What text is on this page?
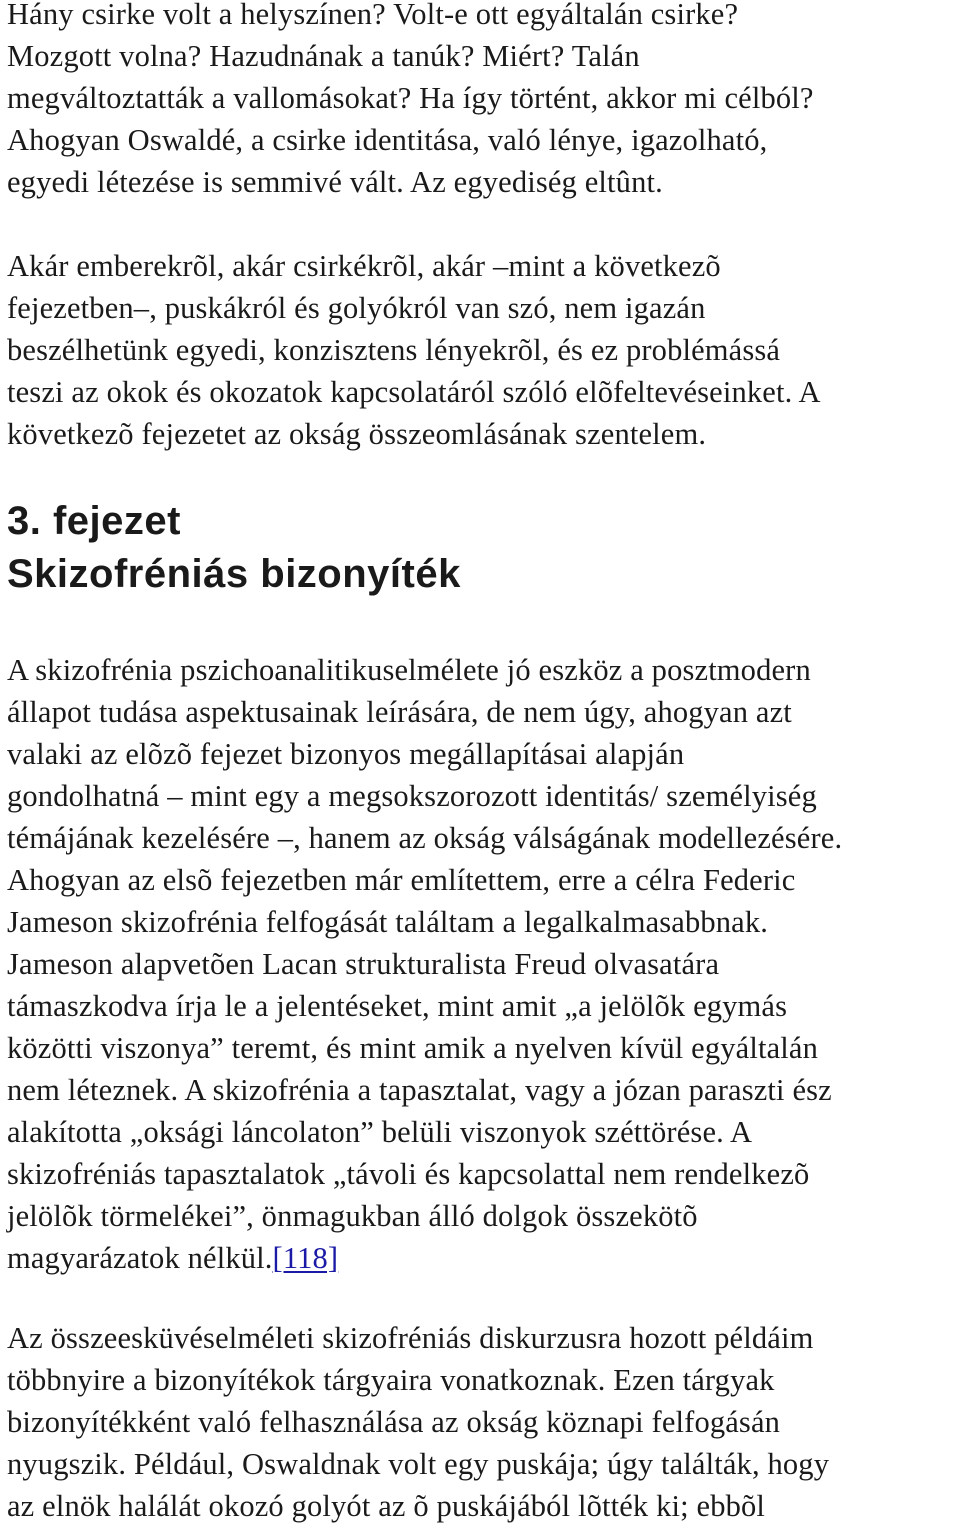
Hány csirke volt a helyszínen? Volt-e ott egyáltalán csirke?
Mozgott volna? Hazudnának a tanúk? Miért? Talán
megváltoztatták a vallomásokat? Ha így történt, akkor mi célból?
Ahogyan Oswaldé, a csirke identitása, való lénye, igazolható,
egyedi létezése is semmivé vált. Az egyediség eltûnt.

Akár emberekrõl, akár csirkékrõl, akár –mint a következõ
fejezetben–, puskákról és golyókról van szó, nem igazán
beszélhetünk egyedi, konzisztens lényekrõl, és ez problémássá
teszi az okok és okozatok kapcsolatáról szóló elõfeltevéseinket. A
következõ fejezetet az okság összeomlásának szentelem.

3. fejezet
Skizofréniás bizonyíték

A skizofrénia pszichoanalitikuselmélete jó eszköz a posztmodern
állapot tudása aspektusainak leírására, de nem úgy, ahogyan azt
valaki az elõzõ fejezet bizonyos megállapításai alapján
gondolhatná – mint egy a megsokszorozott identitás/ személyiség
témájának kezelésére –, hanem az okság válságának modellezésére.
Ahogyan az elsõ fejezetben már említettem, erre a célra Federic
Jameson skizofrénia felfogását találtam a legalkalmasabbnak.
Jameson alapvetõen Lacan strukturalista Freud olvasatára
támaszkodva írja le a jelentéseket, mint amit „a jelölõk egymás
közötti viszonya” teremt, és mint amik a nyelven kívül egyáltalán
nem léteznek. A skizofrénia a tapasztalat, vagy a józan paraszti ész
alakította „oksági láncolaton” belüli viszonyok széttörése. A
skizofréniás tapasztalatok „távoli és kapcsolattal nem rendelkezõ
jelölõk törmelékei”, önmagukban álló dolgok összekötõ
magyarázatok nélkül.[118]

Az összeesküvéselméleti skizofréniás diskurzusra hozott példáim
többnyire a bizonyítékok tárgyaira vonatkoznak. Ezen tárgyak
bizonyítékként való felhasználása az okság köznapi felfogásán
nyugszik. Például, Oswaldnak volt egy puskája; úgy találták, hogy
az elnök halálát okozó golyót az õ puskájából lõtték ki; ebbõl
